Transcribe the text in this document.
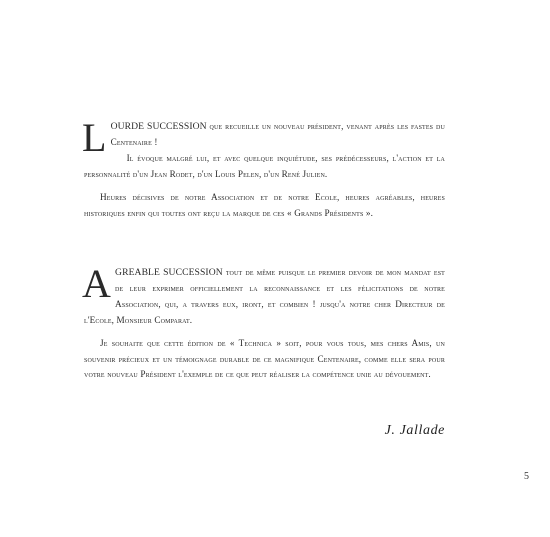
LOURDE SUCCESSION que recueille un nouveau président, venant après les fastes du Centenaire !

Il évoque malgré lui, et avec quelque inquiétude, ses prédécesseurs, l'action et la personnalité d'un Jean Rodet, d'un Louis Pelen, d'un René Julien.

Heures décisives de notre Association et de notre Ecole, heures agréables, heures historiques enfin qui toutes ont reçu la marque de ces « Grands Présidents ».

AGREABLE SUCCESSION tout de même puisque le premier devoir de mon mandat est de leur exprimer officiellement la reconnaissance et les félicitations de notre Association, qui, a travers eux, iront, et combien ! jusqu'a notre cher Directeur de l'Ecole, Monsieur Comparat.

Je souhaite que cette édition de « Technica » soit, pour vous tous, mes chers Amis, un souvenir précieux et un témoignage durable de ce magnifique Centenaire, comme elle sera pour votre nouveau Président l'exemple de ce que peut réaliser la compétence unie au dévouement.

J. Jallade
5
